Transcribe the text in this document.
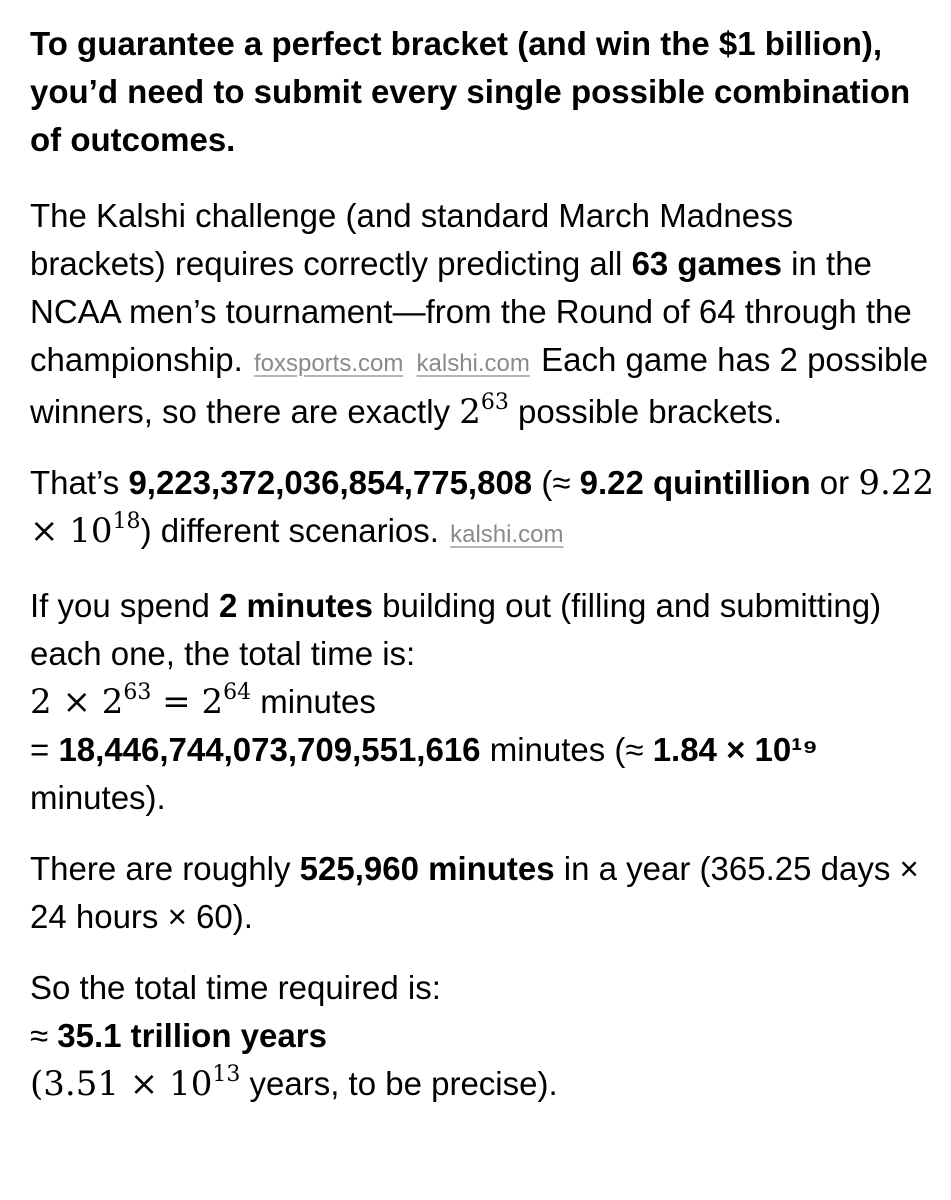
To guarantee a perfect bracket (and win the $1 billion), you’d need to submit every single possible combination of outcomes.

The Kalshi challenge (and standard March Madness brackets) requires correctly predicting all 63 games in the NCAA men’s tournament—from the Round of 64 through the championship. foxsports.com kalshi.com Each game has 2 possible winners, so there are exactly $2^{63}$ possible brackets.

That’s 9,223,372,036,854,775,808 (≈ 9.22 quintillion or $9.22 \times 10^{18}$) different scenarios. kalshi.com

If you spend 2 minutes building out (filling and submitting) each one, the total time is:
$2 \times 2^{63} = 2^{64}$ minutes
= 18,446,744,073,709,551,616 minutes (≈ 1.84 × 10¹⁹ minutes).

There are roughly 525,960 minutes in a year (365.25 days × 24 hours × 60).

So the total time required is:
≈ 35.1 trillion years
($3.51 \times 10^{13}$ years, to be precise).
